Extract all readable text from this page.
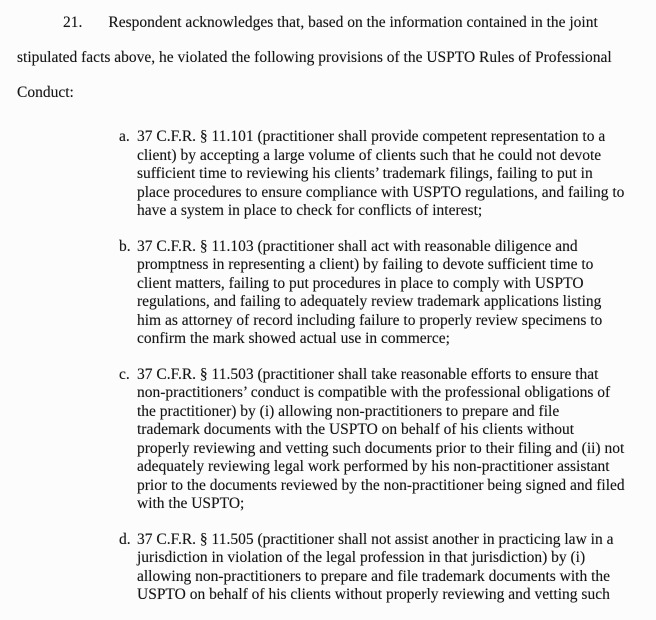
21. Respondent acknowledges that, based on the information contained in the joint
stipulated facts above, he violated the following provisions of the USPTO Rules of Professional
Conduct:
a. 37 C.F.R. § 11.101 (practitioner shall provide competent representation to a
client) by accepting a large volume of clients such that he could not devote
sufficient time to reviewing his clients’ trademark filings, failing to put in
place procedures to ensure compliance with USPTO regulations, and failing to
have a system in place to check for conflicts of interest;
b. 37 C.F.R. § 11.103 (practitioner shall act with reasonable diligence and
promptness in representing a client) by failing to devote sufficient time to
client matters, failing to put procedures in place to comply with USPTO
regulations, and failing to adequately review trademark applications listing
him as attorney of record including failure to properly review specimens to
confirm the mark showed actual use in commerce;
c. 37 C.F.R. § 11.503 (practitioner shall take reasonable efforts to ensure that
non-practitioners’ conduct is compatible with the professional obligations of
the practitioner) by (i) allowing non-practitioners to prepare and file
trademark documents with the USPTO on behalf of his clients without
properly reviewing and vetting such documents prior to their filing and (ii) not
adequately reviewing legal work performed by his non-practitioner assistant
prior to the documents reviewed by the non-practitioner being signed and filed
with the USPTO;
d. 37 C.F.R. § 11.505 (practitioner shall not assist another in practicing law in a
jurisdiction in violation of the legal profession in that jurisdiction) by (i)
allowing non-practitioners to prepare and file trademark documents with the
USPTO on behalf of his clients without properly reviewing and vetting such
